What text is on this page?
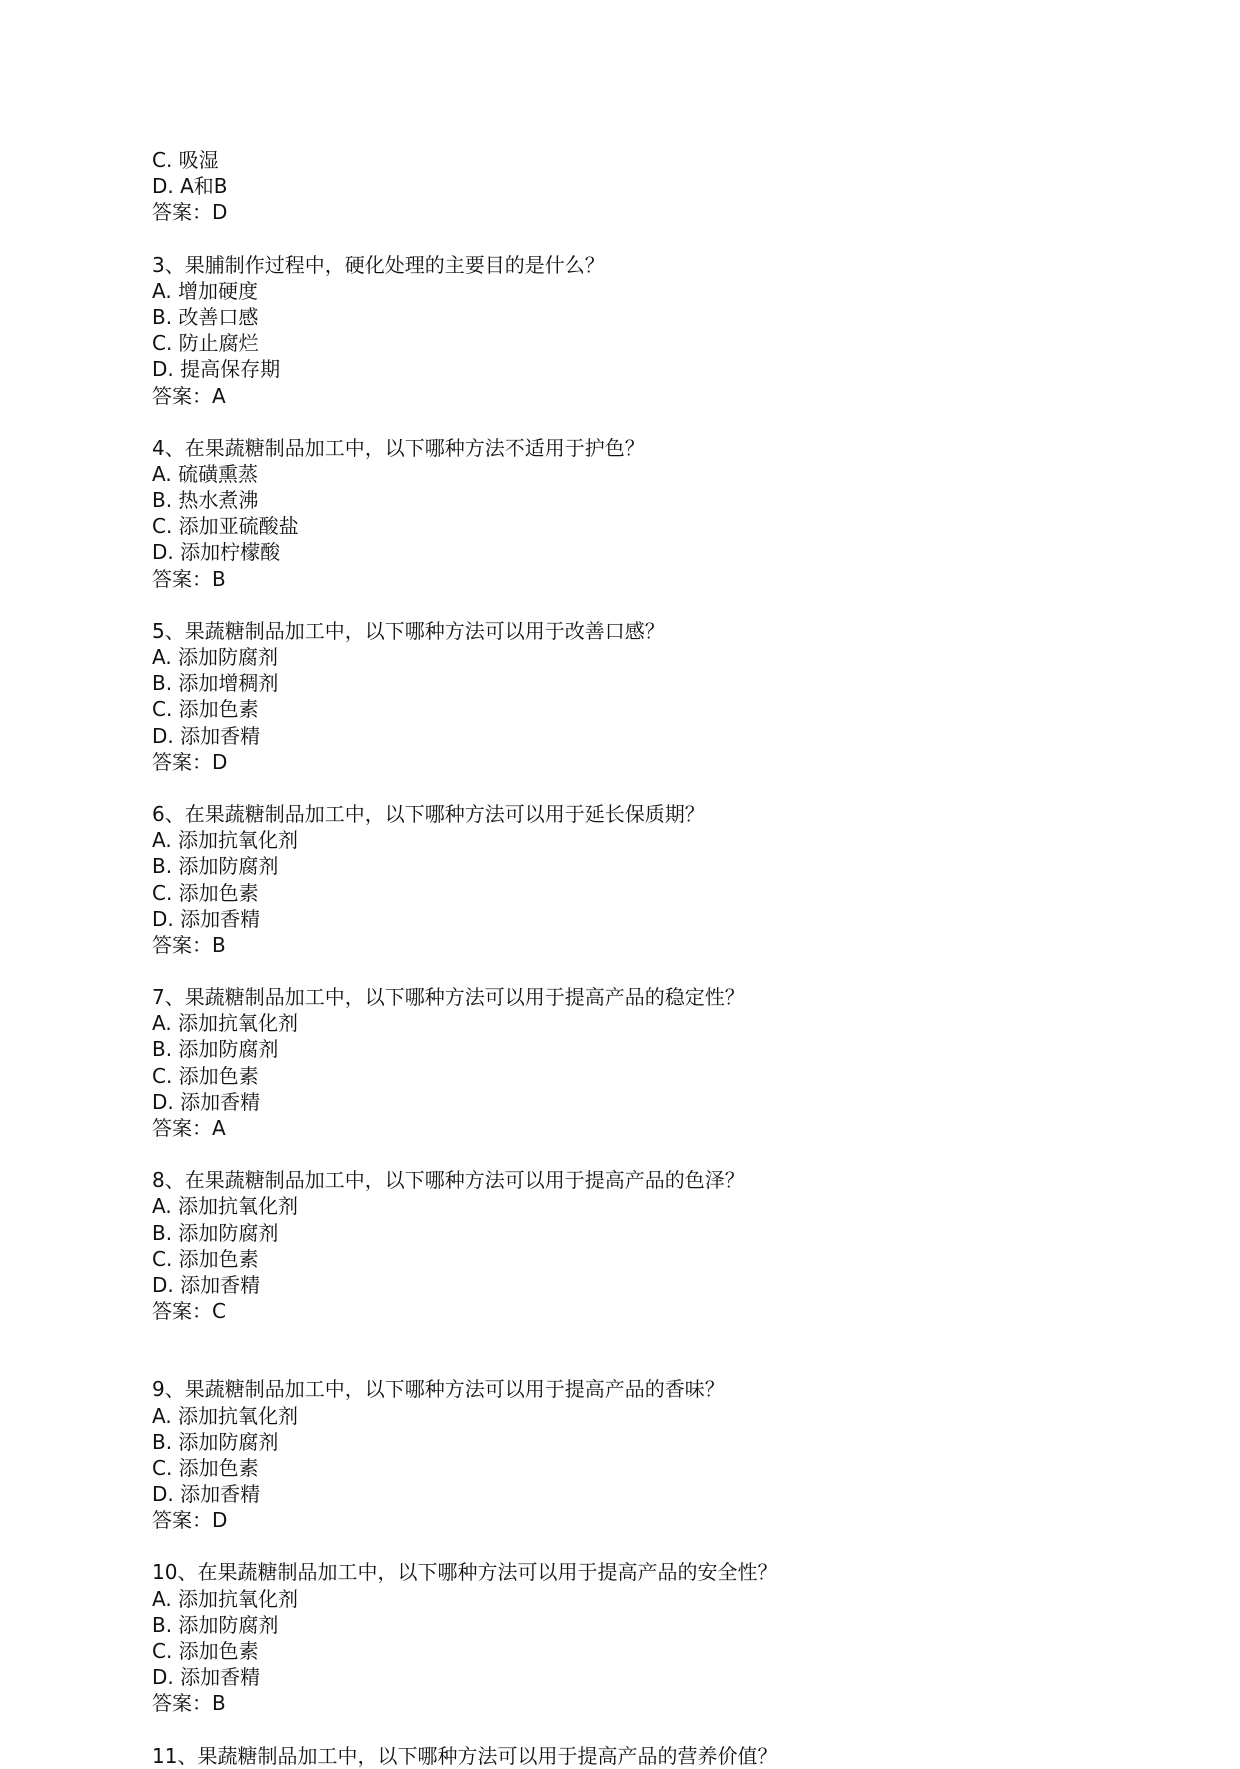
C. 吸湿
D. A和B
答案：D
3、果脯制作过程中，硬化处理的主要目的是什么？
A. 增加硬度
B. 改善口感
C. 防止腐烂
D. 提高保存期
答案：A
4、在果蔬糖制品加工中，以下哪种方法不适用于护色？
A. 硫磺熏蒸
B. 热水煮沸
C. 添加亚硫酸盐
D. 添加柠檬酸
答案：B
5、果蔬糖制品加工中，以下哪种方法可以用于改善口感？
A. 添加防腐剂
B. 添加增稠剂
C. 添加色素
D. 添加香精
答案：D
6、在果蔬糖制品加工中，以下哪种方法可以用于延长保质期？
A. 添加抗氧化剂
B. 添加防腐剂
C. 添加色素
D. 添加香精
答案：B
7、果蔬糖制品加工中，以下哪种方法可以用于提高产品的稳定性？
A. 添加抗氧化剂
B. 添加防腐剂
C. 添加色素
D. 添加香精
答案：A
8、在果蔬糖制品加工中，以下哪种方法可以用于提高产品的色泽？
A. 添加抗氧化剂
B. 添加防腐剂
C. 添加色素
D. 添加香精
答案：C
9、果蔬糖制品加工中，以下哪种方法可以用于提高产品的香味？
A. 添加抗氧化剂
B. 添加防腐剂
C. 添加色素
D. 添加香精
答案：D
10、在果蔬糖制品加工中，以下哪种方法可以用于提高产品的安全性？
A. 添加抗氧化剂
B. 添加防腐剂
C. 添加色素
D. 添加香精
答案：B
11、果蔬糖制品加工中，以下哪种方法可以用于提高产品的营养价值？
